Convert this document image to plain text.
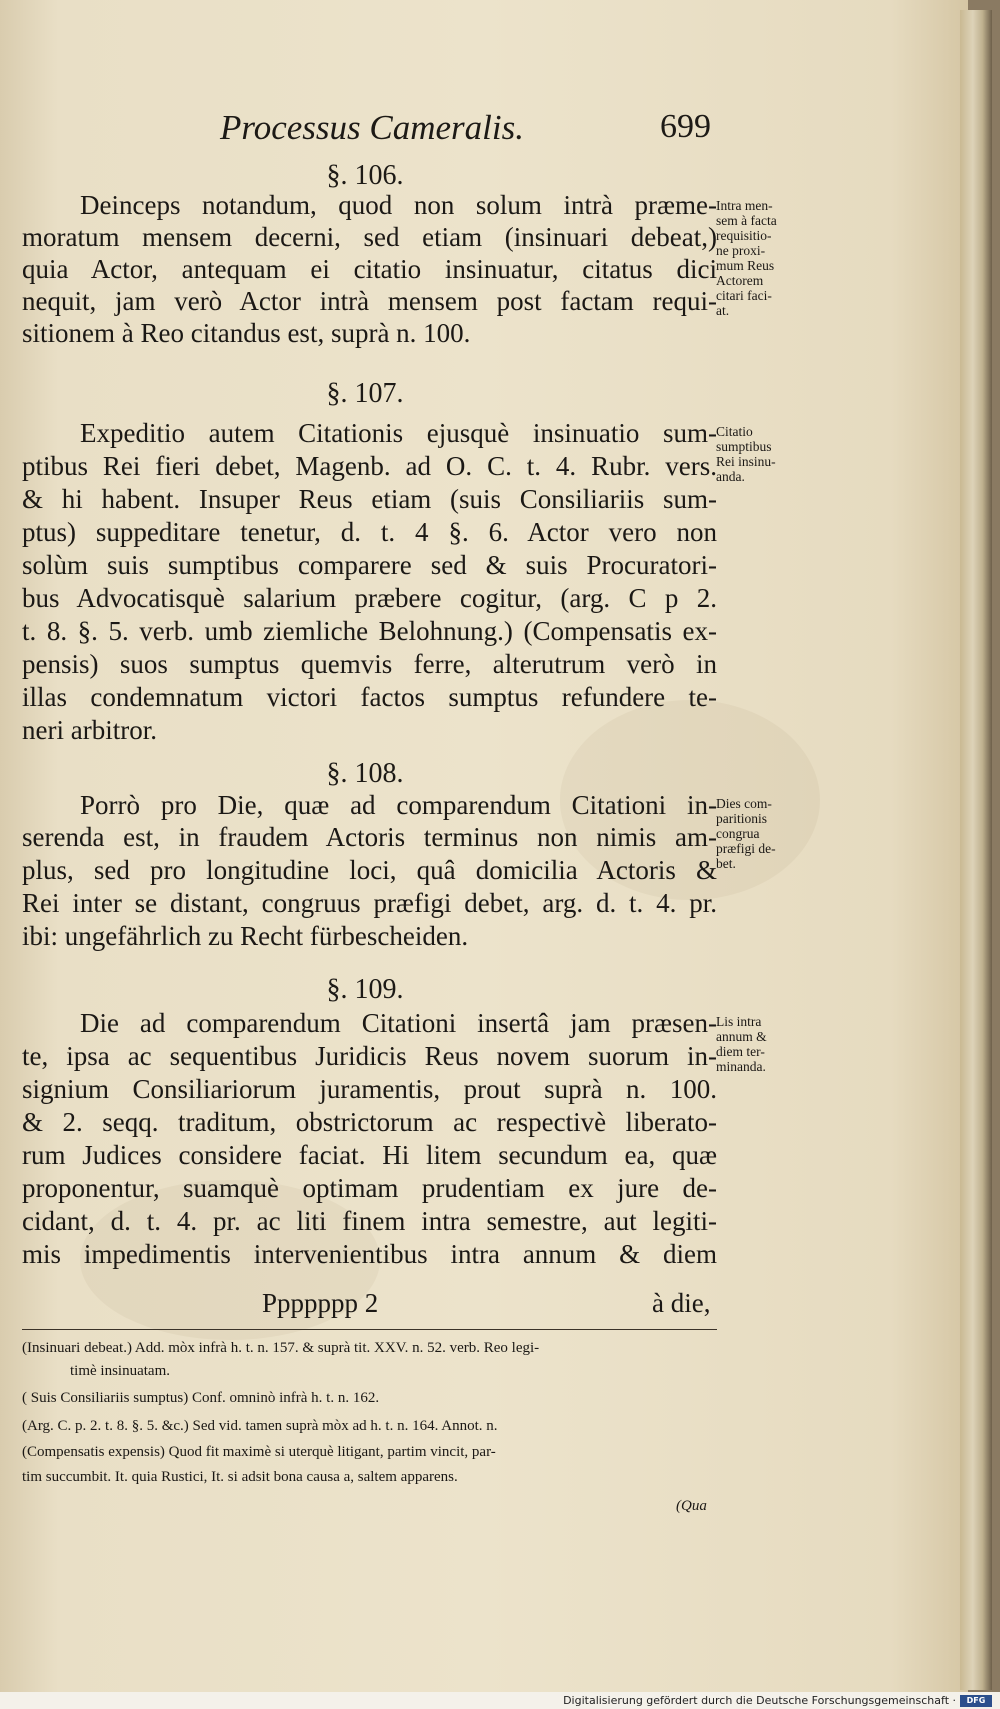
Processus Cameralis.	699
§. 106.
Deinceps notandum, quod non solum intrà præme-
moratum mensem decerni, sed etiam (insinuari debeat,)
quia Actor, antequam ei citatio insinuatur, citatus dici
nequit, jam verò Actor intrà mensem post factam requi-
sitionem à Reo citandus est, suprà n. 100.
Intra men-
sem à facta
requisitio-
ne proxi-
mum Reus
Actorem
citari faci-
at.
§. 107.
Expeditio autem Citationis ejusquè insinuatio sum-
ptibus Rei fieri debet, Magenb. ad O. C. t. 4. Rubr. vers.
& hi habent. Insuper Reus etiam (suis Consiliariis sum-
ptus) suppeditare tenetur, d. t. 4 §. 6. Actor vero non
solùm suis sumptibus comparere sed & suis Procuratori-
bus Advocatisquè salarium præbere cogitur, (arg. C p 2.
t. 8. §. 5. verb. umb ziemliche Belohnung.) (Compensatis ex-
pensis) suos sumptus quemvis ferre, alterutrum verò in
illas condemnatum victori factos sumptus refundere te-
neri arbitror.
Citatio
sumptibus
Rei insinu-
anda.
§. 108.
Porrò pro Die, quæ ad comparendum Citationi in-
serenda est, in fraudem Actoris terminus non nimis am-
plus, sed pro longitudine loci, quâ domicilia Actoris &
Rei inter se distant, congruus præfigi debet, arg. d. t. 4. pr.
ibi: ungefährlich zu Recht fürbescheiden.
Dies com-
paritionis
congrua
præfigi de-
bet.
§. 109.
Die ad comparendum Citationi insertâ jam præsen-
te, ipsa ac sequentibus Juridicis Reus novem suorum in-
signium Consiliariorum juramentis, prout suprà n. 100.
& 2. seqq. traditum, obstrictorum ac respectivè liberato-
rum Judices considere faciat. Hi litem secundum ea, quæ
proponentur, suamquè optimam prudentiam ex jure de-
cidant, d. t. 4. pr. ac liti finem intra semestre, aut legiti-
mis impedimentis intervenientibus intra annum & diem
Lis intra
annum &
diem ter-
minanda.
Ppppppp 2	à die,
(Insinuari debeat.) Add. mòx infrà h. t. n. 157. & suprà tit. XXV. n. 52. verb. Reo legi-
timè insinuatam.
( Suis Consiliariis sumptus) Conf. omninò infrà h. t. n. 162.
(Arg. C. p. 2. t. 8. §. 5. &c.) Sed vid. tamen suprà mòx ad h. t. n. 164. Annot. n.
(Compensatis expensis) Quod fit maximè si uterquè litigant, partim vincit, par-
tim succumbit. It. quia Rustici, It. si adsit bona causa a, saltem apparens.
(Qua
Digitalisierung gefördert durch die Deutsche Forschungsgemeinschaft ·	DFG
